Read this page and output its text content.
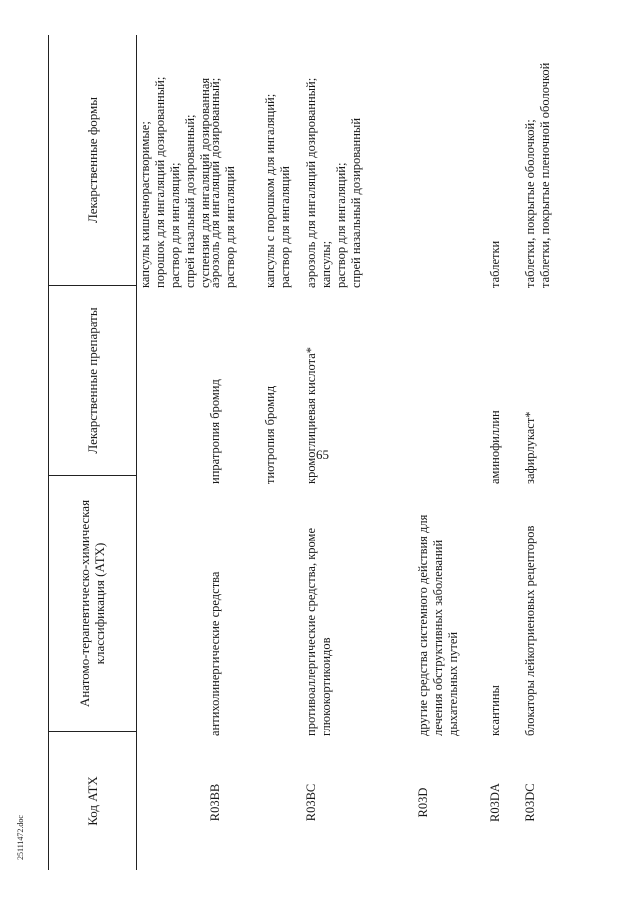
65
Код АТХ
Анатомо-терапевтическо-химическая классификация (АТХ)
Лекарственные препараты
Лекарственные формы	капсулы кишечнорастворимые; порошок для ингаляций дозированный; раствор для ингаляций; спрей назальный дозированный; суспензия для ингаляций дозированная
R03BB
антихолинергические средства
ипратропия бромид
аэрозоль для ингаляций дозированный; раствор для ингаляций
тиотропия бромид
капсулы с порошком для ингаляций; раствор для ингаляций
R03BC
противоаллергические средства, кроме глюкокортикоидов
кромоглициевая кислота*
аэрозоль для ингаляций дозированный; капсулы; раствор для ингаляций; спрей назальный дозированный
R03D
другие средства системного действия для лечения обструктивных заболеваний дыхательных путей
R03DA
ксантины
аминофиллин
таблетки
R03DC
блокаторы лейкотриеновых рецепторов
зафирлукаст*
таблетки, покрытые оболочкой; таблетки, покрытые пленочной оболочкой
25111472.doc
